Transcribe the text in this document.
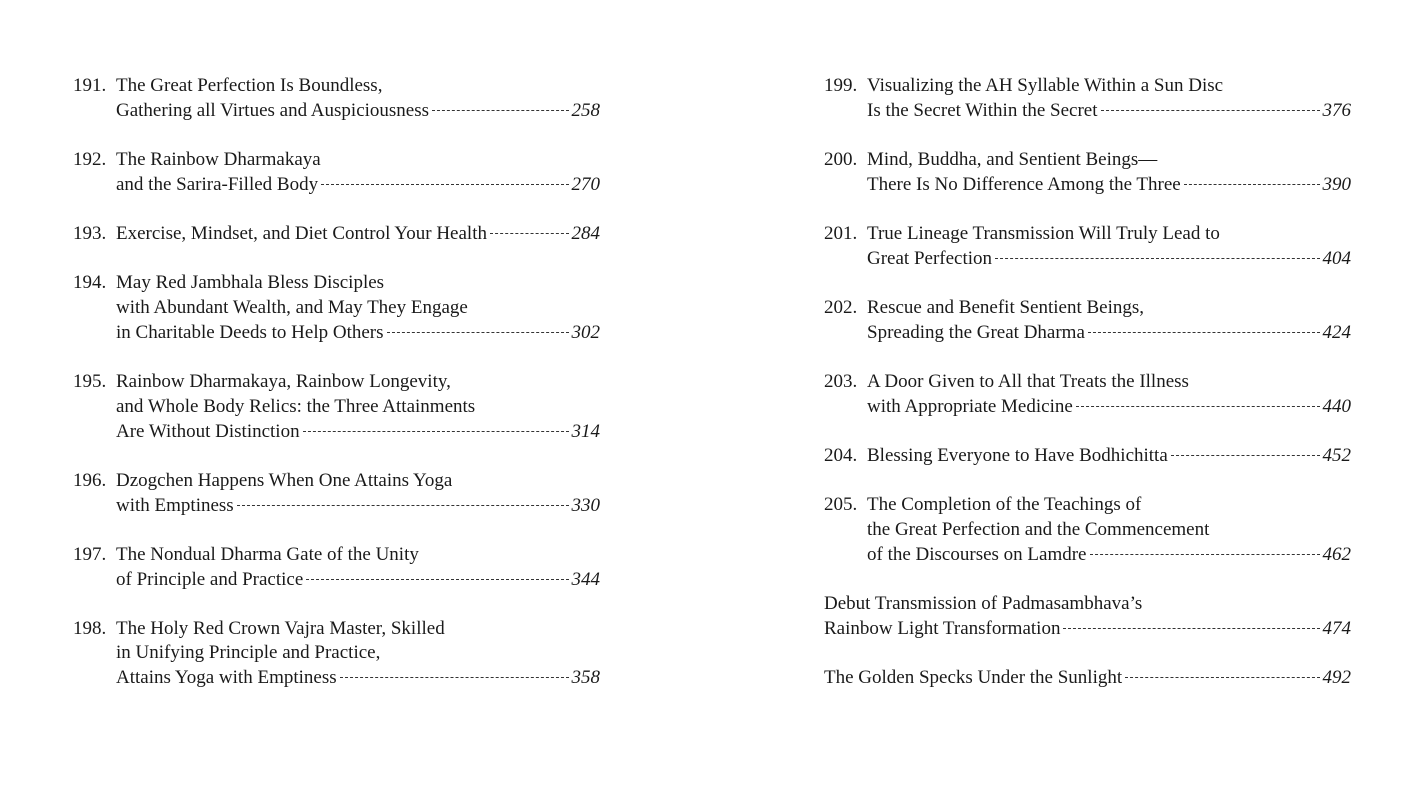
191. The Great Perfection Is Boundless,
Gathering all Virtues and Auspiciousness	258
192. The Rainbow Dharmakaya
and the Sarira-Filled Body	270
193. Exercise, Mindset, and Diet Control Your Health	284
194. May Red Jambhala Bless Disciples
with Abundant Wealth, and May They Engage
in Charitable Deeds to Help Others	302
195. Rainbow Dharmakaya, Rainbow Longevity,
and Whole Body Relics: the Three Attainments
Are Without Distinction	314
196. Dzogchen Happens When One Attains Yoga
with Emptiness	330
197. The Nondual Dharma Gate of the Unity
of Principle and Practice	344
198. The Holy Red Crown Vajra Master, Skilled
in Unifying Principle and Practice,
Attains Yoga with Emptiness	358
199. Visualizing the AH Syllable Within a Sun Disc
Is the Secret Within the Secret	376
200. Mind, Buddha, and Sentient Beings—
There Is No Difference Among the Three	390
201. True Lineage Transmission Will Truly Lead to
Great Perfection	404
202. Rescue and Benefit Sentient Beings,
Spreading the Great Dharma	424
203. A Door Given to All that Treats the Illness
with Appropriate Medicine	440
204. Blessing Everyone to Have Bodhichitta	452
205. The Completion of the Teachings of
the Great Perfection and the Commencement
of the Discourses on Lamdre	462
Debut Transmission of Padmasambhava’s
Rainbow Light Transformation	474
The Golden Specks Under the Sunlight	492
